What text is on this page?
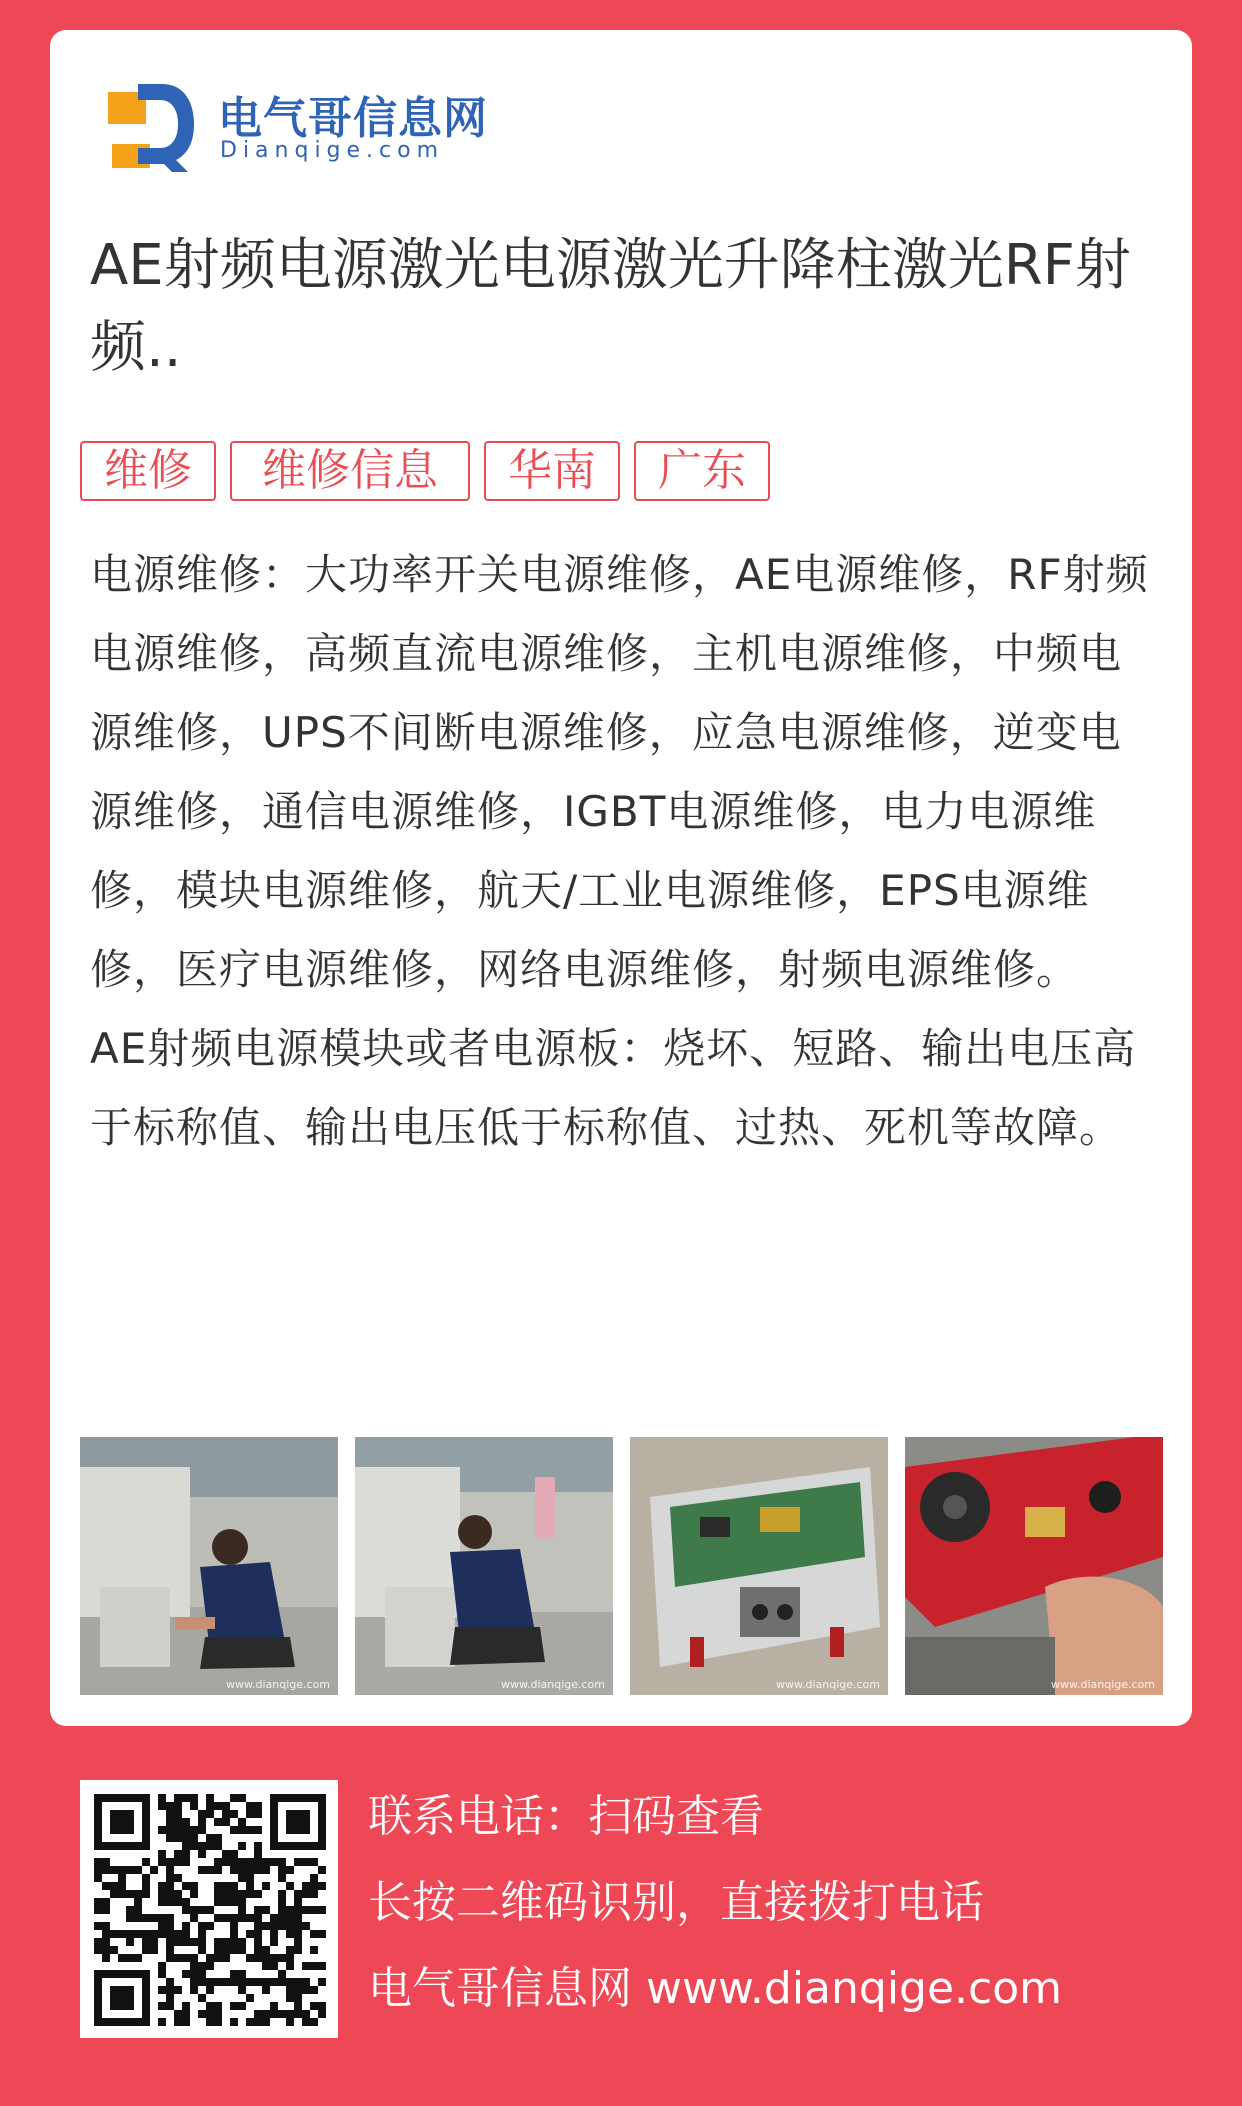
电气哥信息网
Dianqige.com
AE射频电源激光电源激光升降柱激光RF射频..
维修	维修信息	华南	广东

电源维修：大功率开关电源维修，AE电源维修，RF射频电源维修，高频直流电源维修，主机电源维修，中频电源维修，UPS不间断电源维修，应急电源维修，逆变电源维修，通信电源维修，IGBT电源维修，电力电源维修，模块电源维修，航天/工业电源维修，EPS电源维修，医疗电源维修，网络电源维修，射频电源维修。

AE射频电源模块或者电源板：烧坏、短路、输出电压高于标称值、输出电压低于标称值、过热、死机等故障。

www.dianqige.com	www.dianqige.com	www.dianqige.com	www.dianqige.com
联系电话：扫码查看
长按二维码识别，直接拨打电话
电气哥信息网 www.dianqige.com
